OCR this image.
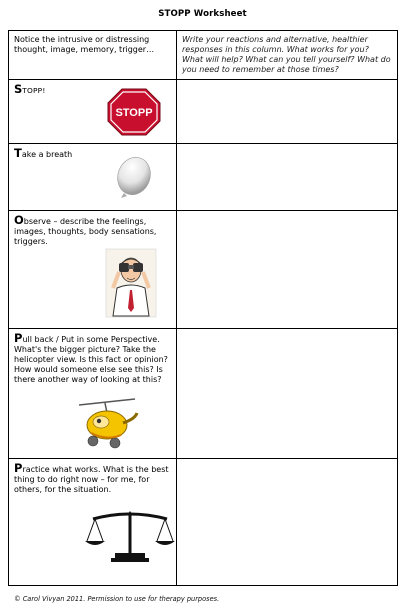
STOPP Worksheet
Notice the intrusive or distressing thought, image, memory, trigger…	Write your reactions and alternative, healthier responses in this column. What works for you? What will help? What can you tell yourself? What do you need to remember at those times?
STOPP!
STOPP	

Take a breath

Observe – describe the feelings, images, thoughts, body sensations, triggers.

Pull back / Put in some Perspective. What's the bigger picture? Take the helicopter view. Is this fact or opinion? How would someone else see this? Is there another way of looking at this?

Practice what works. What is the best thing to do right now – for me, for others, for the situation.

© Carol Vivyan 2011. Permission to use for therapy purposes.
